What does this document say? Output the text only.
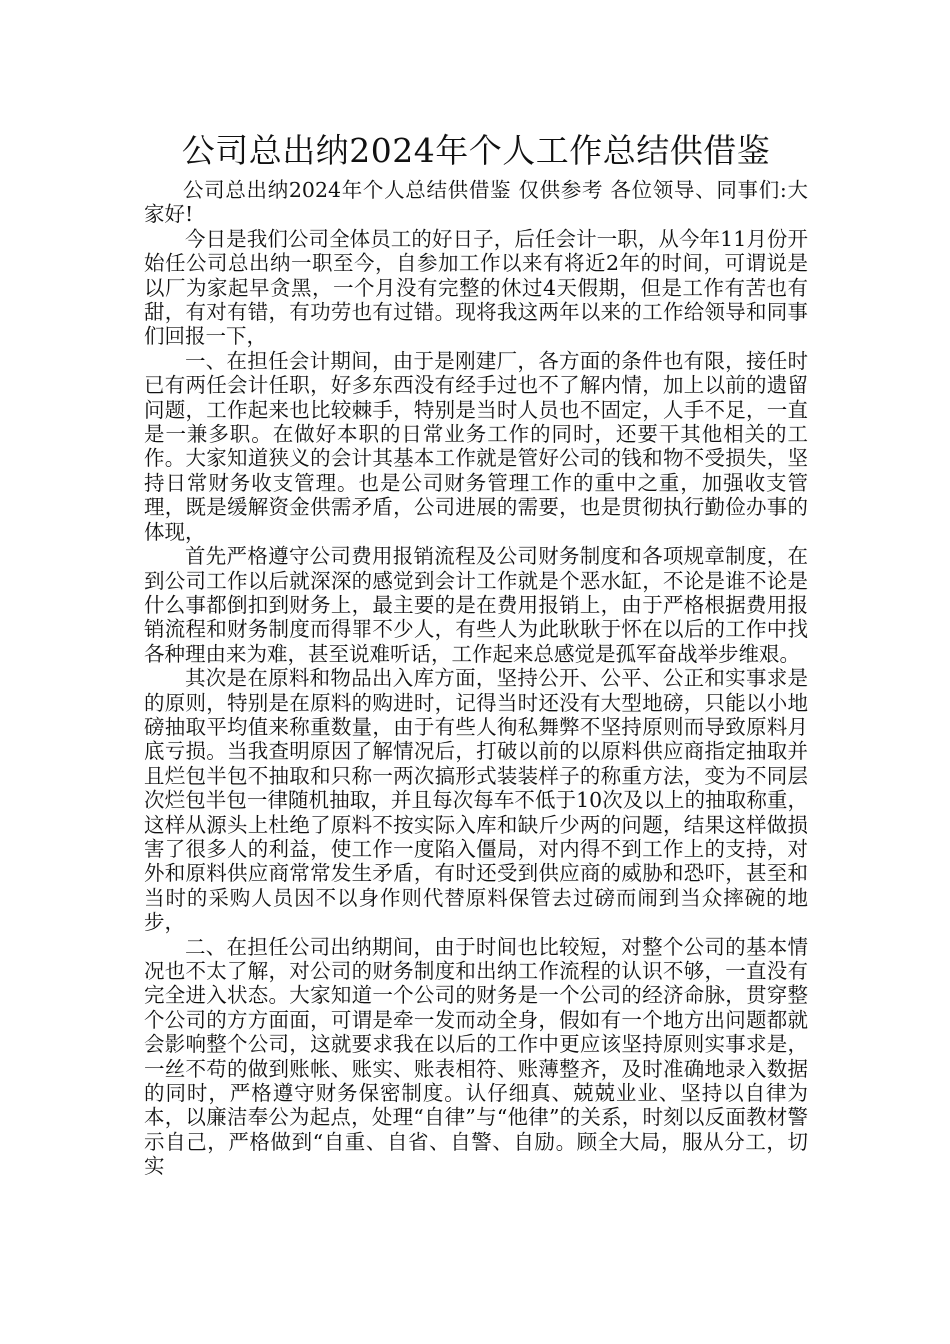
公司总出纳2024年个人工作总结供借鉴

公司总出纳2024年个人总结供借鉴 仅供参考 各位领导、同事们:大家好!

今日是我们公司全体员工的好日子，后任会计一职，从今年11月份开始任公司总出纳一职至今，自参加工作以来有将近2年的时间，可谓说是以厂为家起早贪黑，一个月没有完整的休过4天假期，但是工作有苦也有甜，有对有错，有功劳也有过错。现将我这两年以来的工作给领导和同事们回报一下，

一、在担任会计期间，由于是刚建厂，各方面的条件也有限，接任时已有两任会计任职，好多东西没有经手过也不了解内情，加上以前的遗留问题，工作起来也比较棘手，特别是当时人员也不固定，人手不足，一直是一兼多职。在做好本职的日常业务工作的同时，还要干其他相关的工作。大家知道狭义的会计其基本工作就是管好公司的钱和物不受损失，坚持日常财务收支管理。也是公司财务管理工作的重中之重，加强收支管理，既是缓解资金供需矛盾，公司进展的需要，也是贯彻执行勤俭办事的体现，

首先严格遵守公司费用报销流程及公司财务制度和各项规章制度，在到公司工作以后就深深的感觉到会计工作就是个恶水缸，不论是谁不论是什么事都倒扣到财务上，最主要的是在费用报销上，由于严格根据费用报销流程和财务制度而得罪不少人，有些人为此耿耿于怀在以后的工作中找各种理由来为难，甚至说难听话，工作起来总感觉是孤军奋战举步维艰。

其次是在原料和物品出入库方面，坚持公开、公平、公正和实事求是的原则，特别是在原料的购进时，记得当时还没有大型地磅，只能以小地磅抽取平均值来称重数量，由于有些人徇私舞弊不坚持原则而导致原料月底亏损。当我查明原因了解情况后，打破以前的以原料供应商指定抽取并且烂包半包不抽取和只称一两次搞形式装装样子的称重方法，变为不同层次烂包半包一律随机抽取，并且每次每车不低于10次及以上的抽取称重，这样从源头上杜绝了原料不按实际入库和缺斤少两的问题，结果这样做损害了很多人的利益，使工作一度陷入僵局，对内得不到工作上的支持，对外和原料供应商常常发生矛盾，有时还受到供应商的威胁和恐吓，甚至和当时的采购人员因不以身作则代替原料保管去过磅而闹到当众摔碗的地步，

二、在担任公司出纳期间，由于时间也比较短，对整个公司的基本情况也不太了解，对公司的财务制度和出纳工作流程的认识不够，一直没有完全进入状态。大家知道一个公司的财务是一个公司的经济命脉，贯穿整个公司的方方面面，可谓是牵一发而动全身，假如有一个地方出问题都就会影响整个公司，这就要求我在以后的工作中更应该坚持原则实事求是，一丝不苟的做到账帐、账实、账表相符、账薄整齐，及时准确地录入数据的同时，严格遵守财务保密制度。认仔细真、兢兢业业、坚持以自律为本，以廉洁奉公为起点，处理“自律”与“他律”的关系，时刻以反面教材警示自己，严格做到“自重、自省、自警、自励。顾全大局，服从分工，切实
